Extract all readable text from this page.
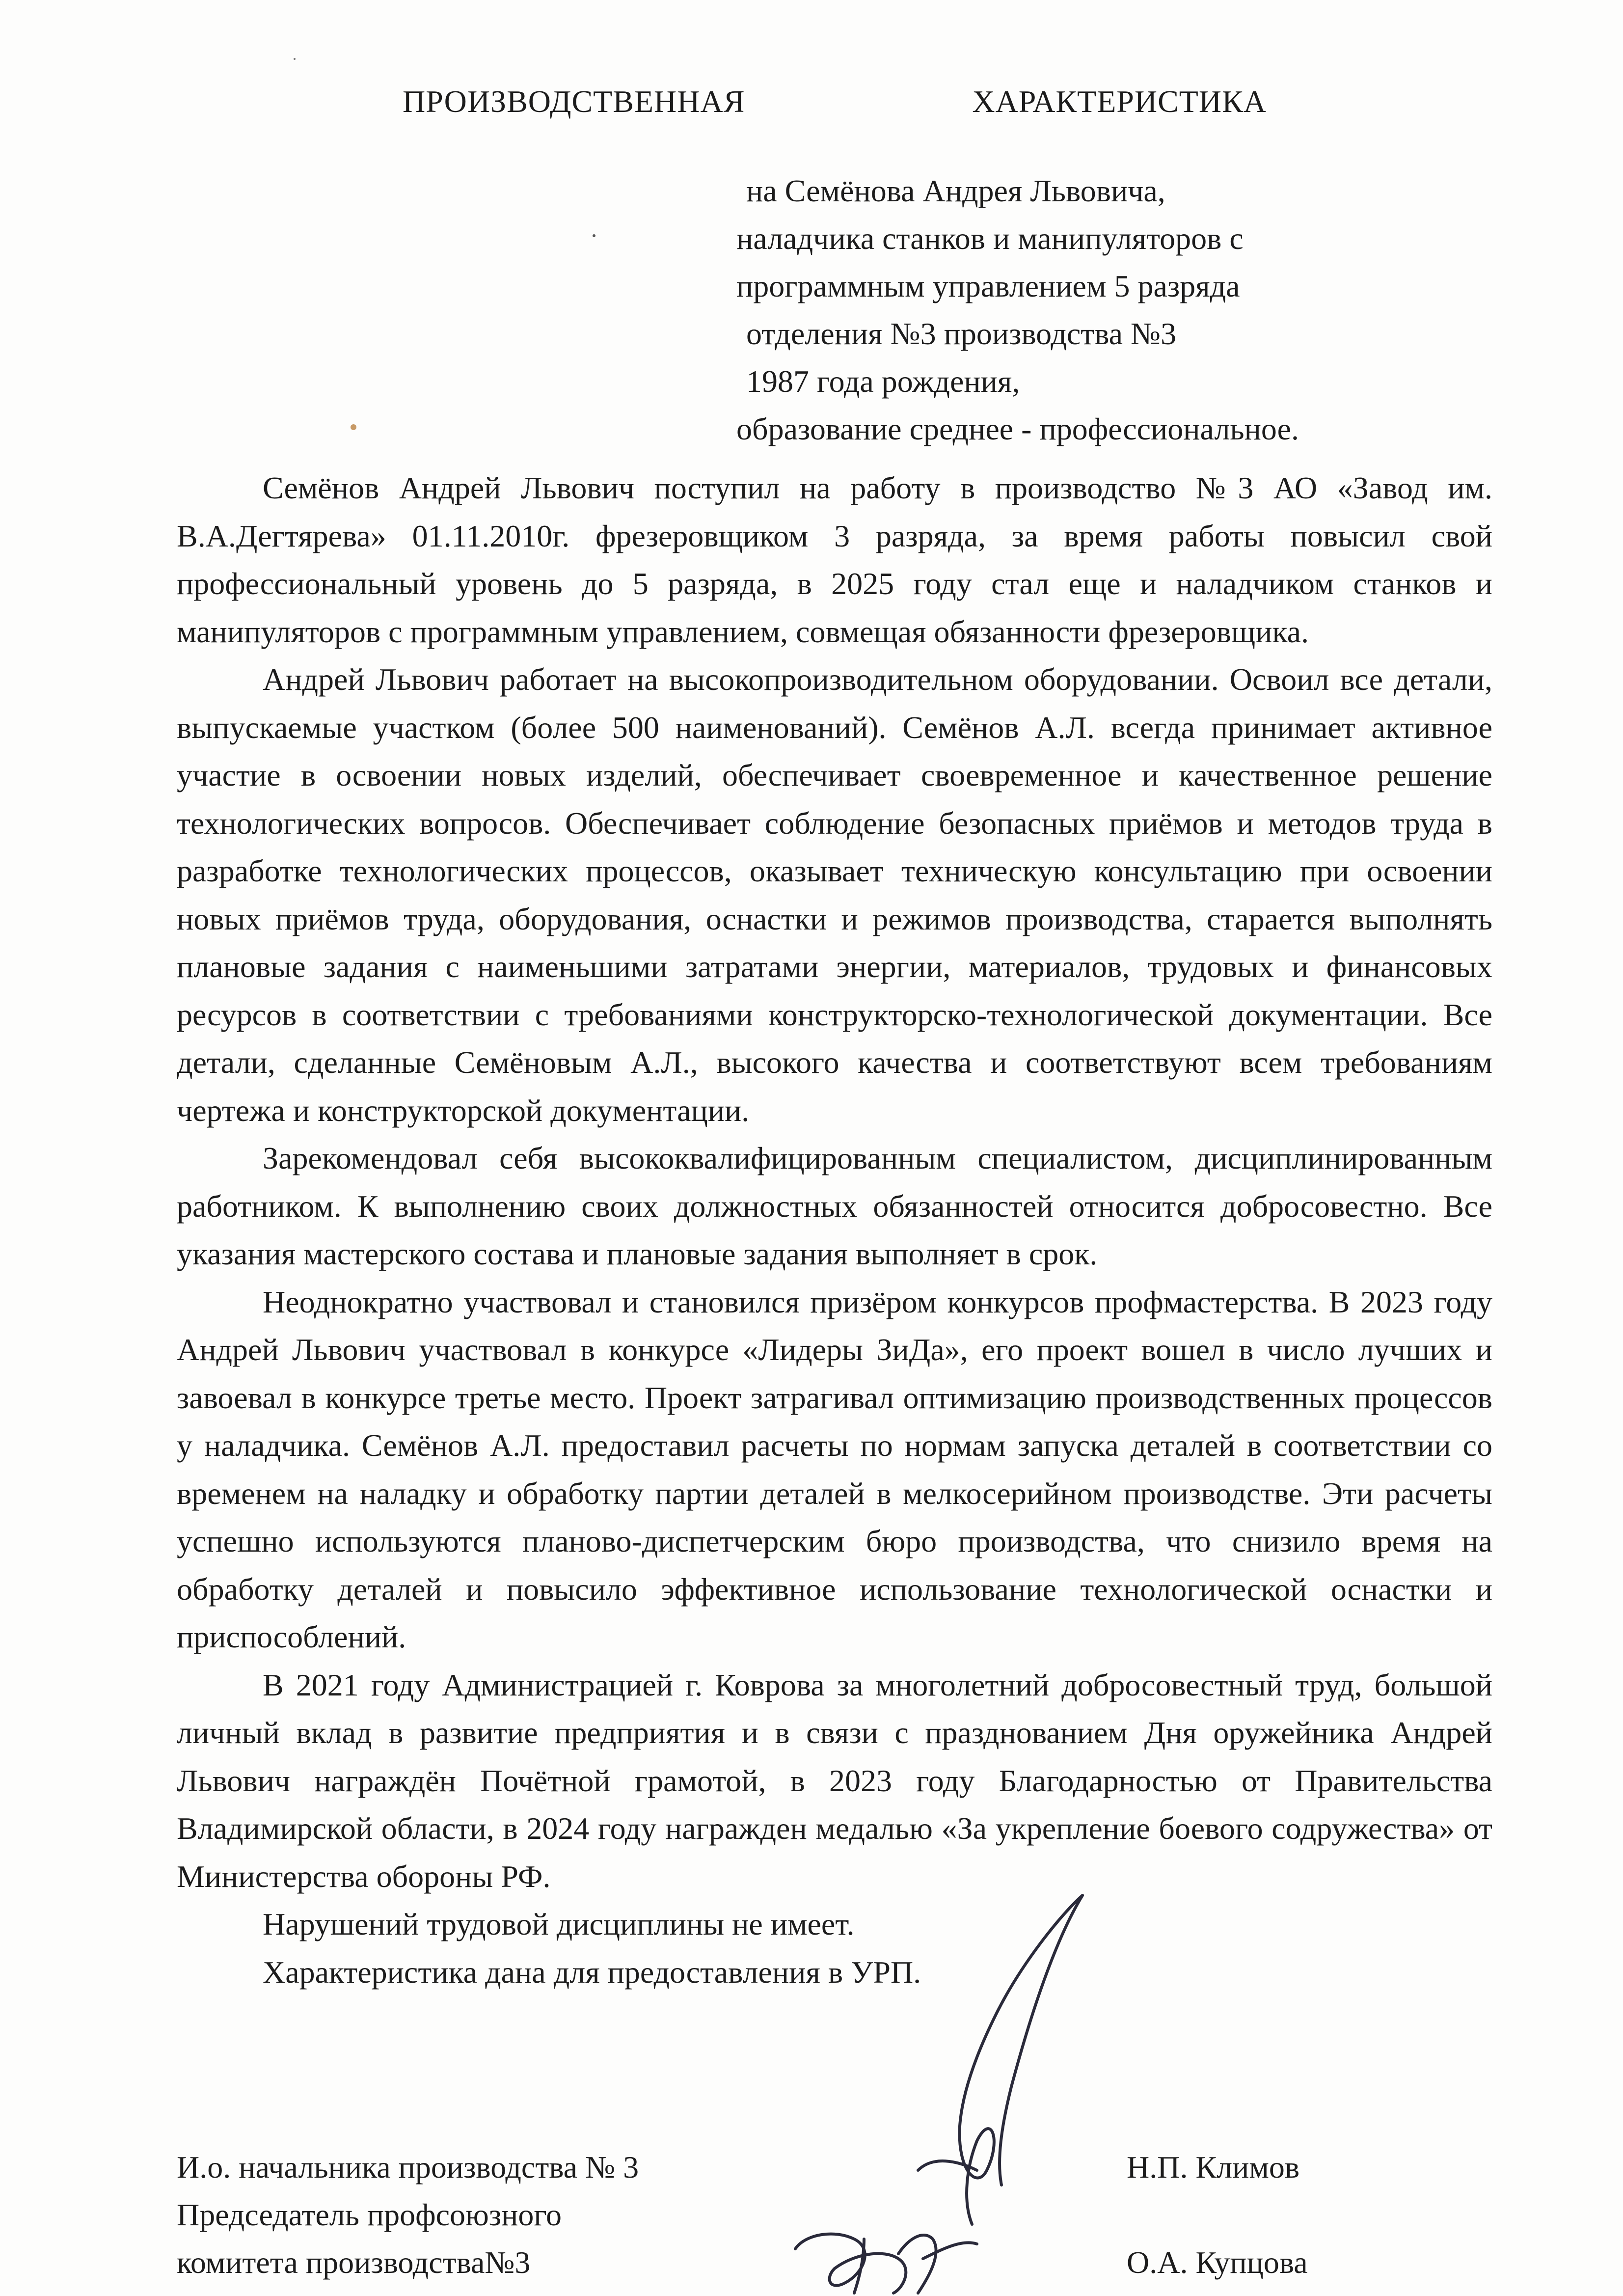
ПРОИЗВОДСТВЕННАЯ	ХАРАКТЕРИСТИКА
на Семёнова Андрея Львовича,
наладчика станков и манипуляторов с
программным управлением 5 разряда
отделения №3 производства №3
1987 года рождения,
образование среднее - профессиональное.

Семёнов Андрей Львович поступил на работу в производство №3 АО «Завод им. В.А.Дегтярева» 01.11.2010г. фрезеровщиком 3 разряда, за время работы повысил свой профессиональный уровень до 5 разряда, в 2025 году стал еще и наладчиком станков и манипуляторов с программным управлением, совмещая обязанности фрезеровщика.

Андрей Львович работает на высокопроизводительном оборудовании. Освоил все детали, выпускаемые участком (более 500 наименований). Семёнов А.Л. всегда принимает активное участие в освоении новых изделий, обеспечивает своевременное и качественное решение технологических вопросов. Обеспечивает соблюдение безопасных приёмов и методов труда в разработке технологических процессов, оказывает техническую консультацию при освоении новых приёмов труда, оборудования, оснастки и режимов производства, старается выполнять плановые задания с наименьшими затратами энергии, материалов, трудовых и финансовых ресурсов в соответствии с требованиями конструкторско-технологической документации. Все детали, сделанные Семёновым А.Л., высокого качества и соответствуют всем требованиям чертежа и конструкторской документации.

Зарекомендовал себя высококвалифицированным специалистом, дисциплинированным работником. К выполнению своих должностных обязанностей относится добросовестно. Все указания мастерского состава и плановые задания выполняет в срок.

Неоднократно участвовал и становился призёром конкурсов профмастерства. В 2023 году Андрей Львович участвовал в конкурсе «Лидеры ЗиДа», его проект вошел в число лучших и завоевал в конкурсе третье место. Проект затрагивал оптимизацию производственных процессов у наладчика. Семёнов А.Л. предоставил расчеты по нормам запуска деталей в соответствии со временем на наладку и обработку партии деталей в мелкосерийном производстве. Эти расчеты успешно используются планово-диспетчерским бюро производства, что снизило время на обработку деталей и повысило эффективное использование технологической оснастки и приспособлений.

В 2021 году Администрацией г. Коврова за многолетний добросовестный труд, большой личный вклад в развитие предприятия и в связи с празднованием Дня оружейника Андрей Львович награждён Почётной грамотой, в 2023 году Благодарностью от Правительства Владимирской области, в 2024 году награжден медалью «За укрепление боевого содружества» от Министерства обороны РФ.

Нарушений трудовой дисциплины не имеет.

Характеристика дана для предоставления в УРП.

И.о. начальника производства № 3
Председатель профсоюзного
комитета производства№3
Н.П. Климов
О.А. Купцова
